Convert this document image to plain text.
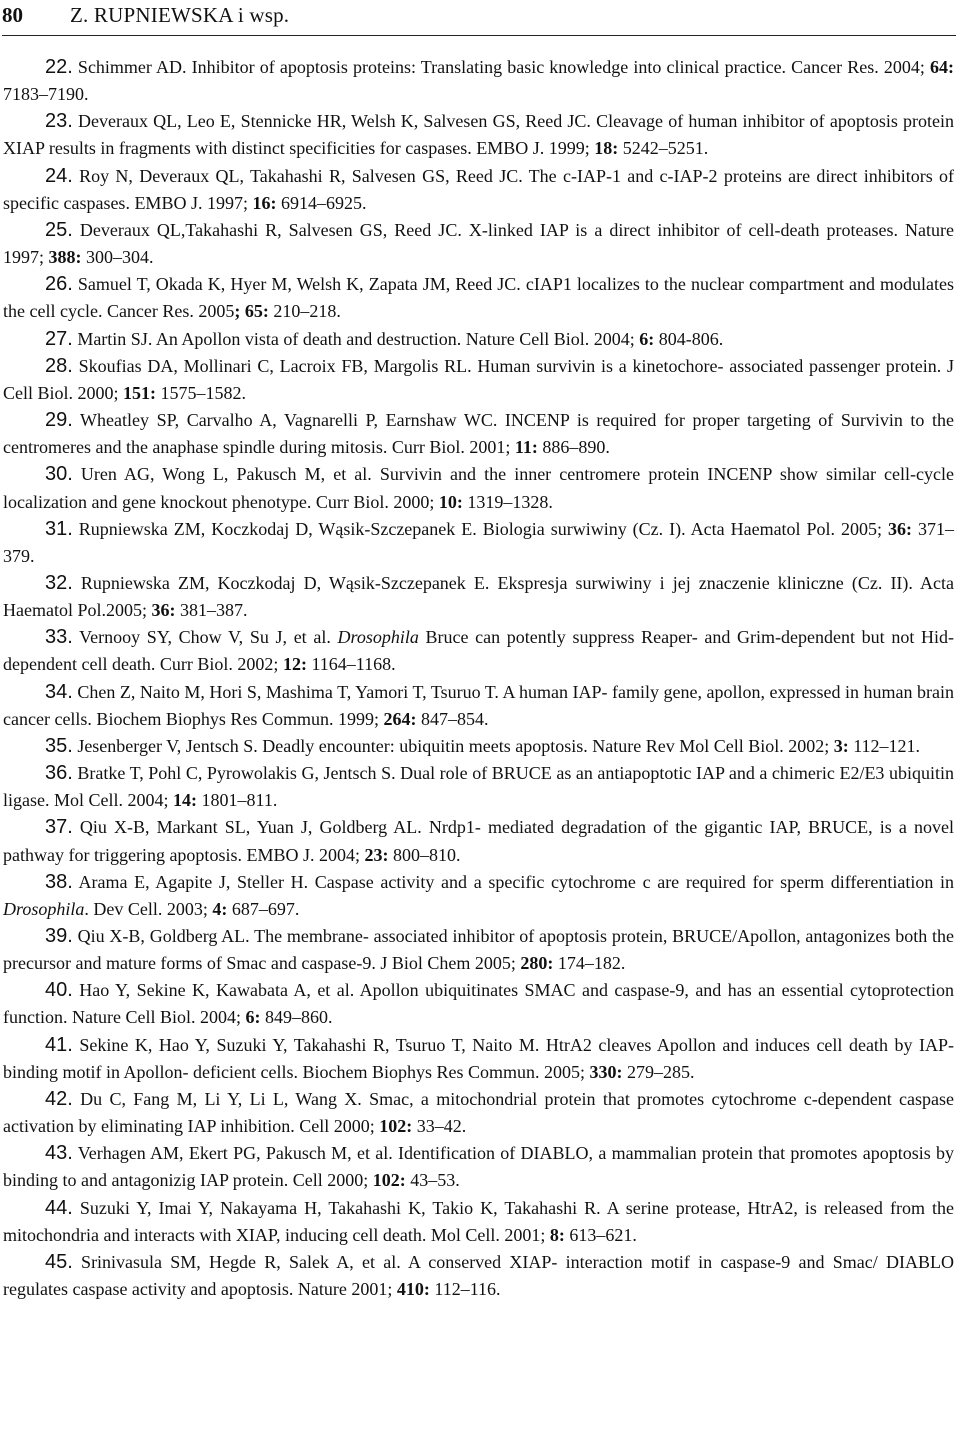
80 Z. RUPNIEWSKA i wsp.

22. Schimmer AD. Inhibitor of apoptosis proteins: Translating basic knowledge into clinical practice. Cancer Res. 2004; 64: 7183–7190.

23. Deveraux QL, Leo E, Stennicke HR, Welsh K, Salvesen GS, Reed JC. Cleavage of human inhibitor of apoptosis protein XIAP results in fragments with distinct specificities for caspases. EMBO J. 1999; 18: 5242–5251.

24. Roy N, Deveraux QL, Takahashi R, Salvesen GS, Reed JC. The c-IAP-1 and c-IAP-2 proteins are direct inhibitors of specific caspases. EMBO J. 1997; 16: 6914–6925.

25. Deveraux QL,Takahashi R, Salvesen GS, Reed JC. X-linked IAP is a direct inhibitor of cell-death proteases. Nature 1997; 388: 300–304.

26. Samuel T, Okada K, Hyer M, Welsh K, Zapata JM, Reed JC. cIAP1 localizes to the nuclear compartment and modulates the cell cycle. Cancer Res. 2005; 65: 210–218.

27. Martin SJ. An Apollon vista of death and destruction. Nature Cell Biol. 2004; 6: 804-806.

28. Skoufias DA, Mollinari C, Lacroix FB, Margolis RL. Human survivin is a kinetochore- associated passenger protein. J Cell Biol. 2000; 151: 1575–1582.

29. Wheatley SP, Carvalho A, Vagnarelli P, Earnshaw WC. INCENP is required for proper targeting of Survivin to the centromeres and the anaphase spindle during mitosis. Curr Biol. 2001; 11: 886–890.

30. Uren AG, Wong L, Pakusch M, et al. Survivin and the inner centromere protein INCENP show similar cell-cycle localization and gene knockout phenotype. Curr Biol. 2000; 10: 1319–1328.

31. Rupniewska ZM, Koczkodaj D, Wąsik-Szczepanek E. Biologia surwiwiny (Cz. I). Acta Haematol Pol. 2005; 36: 371–379.

32. Rupniewska ZM, Koczkodaj D, Wąsik-Szczepanek E. Ekspresja surwiwiny i jej znaczenie kliniczne (Cz. II). Acta Haematol Pol.2005; 36: 381–387.

33. Vernooy SY, Chow V, Su J, et al. Drosophila Bruce can potently suppress Reaper- and Grim-dependent but not Hid- dependent cell death. Curr Biol. 2002; 12: 1164–1168.

34. Chen Z, Naito M, Hori S, Mashima T, Yamori T, Tsuruo T. A human IAP- family gene, apollon, expressed in human brain cancer cells. Biochem Biophys Res Commun. 1999; 264: 847–854.

35. Jesenberger V, Jentsch S. Deadly encounter: ubiquitin meets apoptosis. Nature Rev Mol Cell Biol. 2002; 3: 112–121.

36. Bratke T, Pohl C, Pyrowolakis G, Jentsch S. Dual role of BRUCE as an antiapoptotic IAP and a chimeric E2/E3 ubiquitin ligase. Mol Cell. 2004; 14: 1801–811.

37. Qiu X-B, Markant SL, Yuan J, Goldberg AL. Nrdp1- mediated degradation of the gigantic IAP, BRUCE, is a novel pathway for triggering apoptosis. EMBO J. 2004; 23: 800–810.

38. Arama E, Agapite J, Steller H. Caspase activity and a specific cytochrome c are required for sperm differentiation in Drosophila. Dev Cell. 2003; 4: 687–697.

39. Qiu X-B, Goldberg AL. The membrane- associated inhibitor of apoptosis protein, BRUCE/Apollon, antagonizes both the precursor and mature forms of Smac and caspase-9. J Biol Chem 2005; 280: 174–182.

40. Hao Y, Sekine K, Kawabata A, et al. Apollon ubiquitinates SMAC and caspase-9, and has an essential cytoprotection function. Nature Cell Biol. 2004; 6: 849–860.

41. Sekine K, Hao Y, Suzuki Y, Takahashi R, Tsuruo T, Naito M. HtrA2 cleaves Apollon and induces cell death by IAP- binding motif in Apollon- deficient cells. Biochem Biophys Res Commun. 2005; 330: 279–285.

42. Du C, Fang M, Li Y, Li L, Wang X. Smac, a mitochondrial protein that promotes cytochrome c-dependent caspase activation by eliminating IAP inhibition. Cell 2000; 102: 33–42.

43. Verhagen AM, Ekert PG, Pakusch M, et al. Identification of DIABLO, a mammalian protein that promotes apoptosis by binding to and antagonizig IAP protein. Cell 2000; 102: 43–53.

44. Suzuki Y, Imai Y, Nakayama H, Takahashi K, Takio K, Takahashi R. A serine protease, HtrA2, is released from the mitochondria and interacts with XIAP, inducing cell death. Mol Cell. 2001; 8: 613–621.

45. Srinivasula SM, Hegde R, Salek A, et al. A conserved XIAP- interaction motif in caspase-9 and Smac/ DIABLO regulates caspase activity and apoptosis. Nature 2001; 410: 112–116.
